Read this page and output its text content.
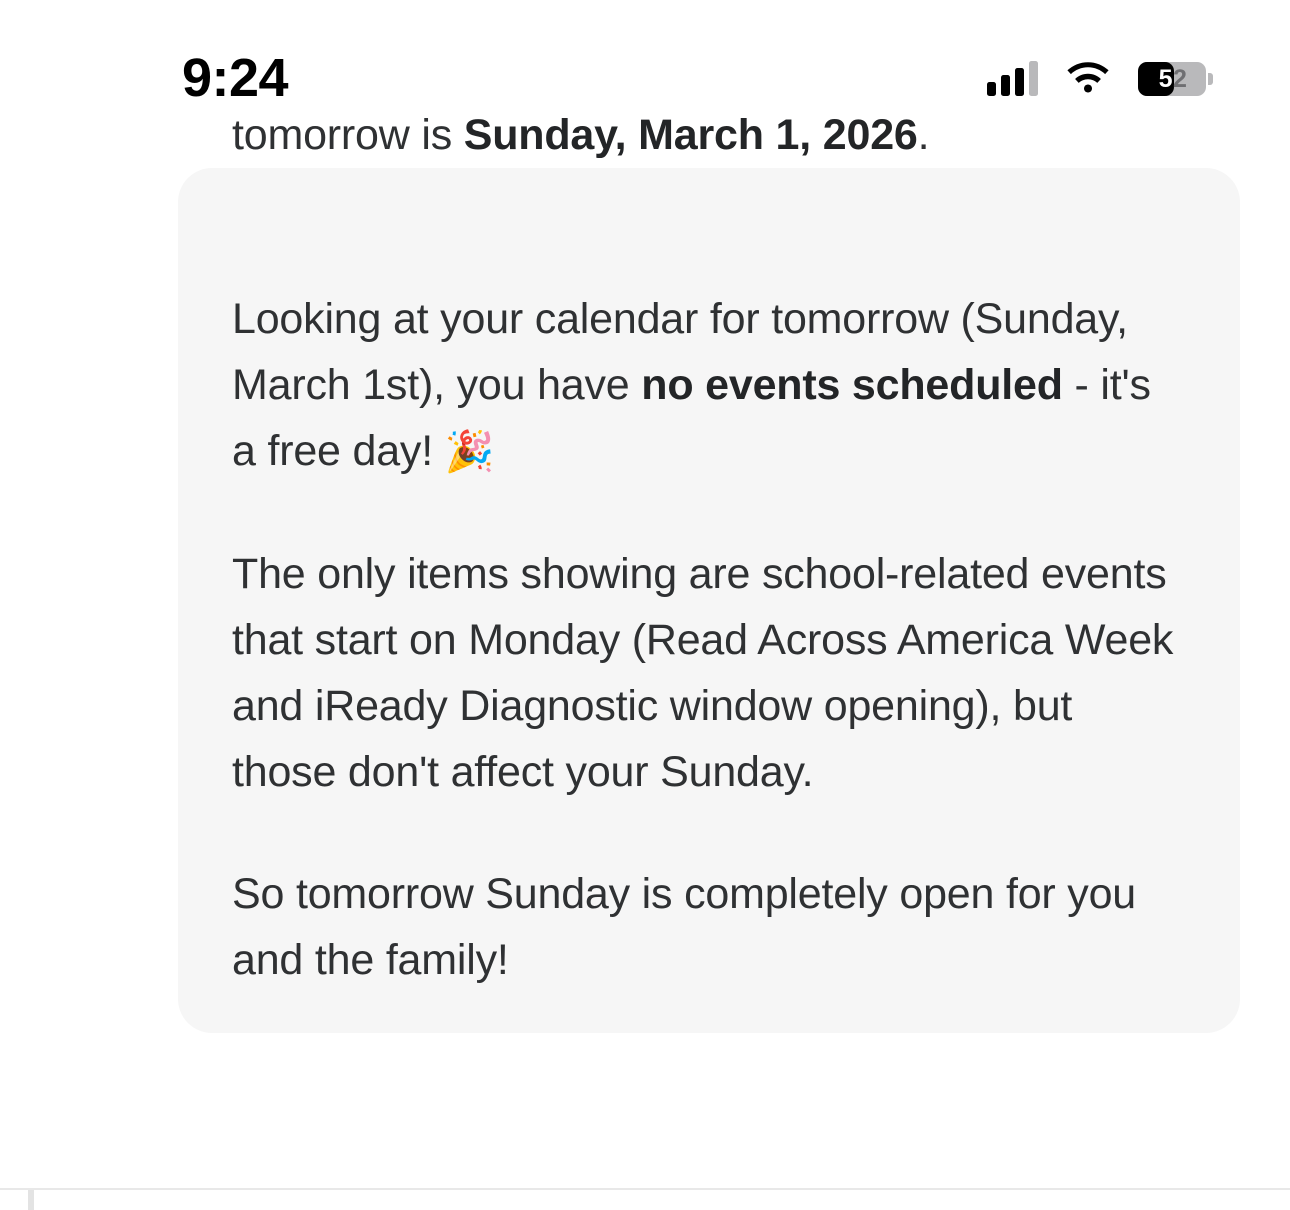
9:24	52

tomorrow is Sunday, March 1, 2026.

Looking at your calendar for tomorrow (Sunday, March 1st), you have no events scheduled - it's a free day! 🎉

The only items showing are school-related events that start on Monday (Read Across America Week and iReady Diagnostic window opening), but those don't affect your Sunday.

So tomorrow Sunday is completely open for you and the family!
